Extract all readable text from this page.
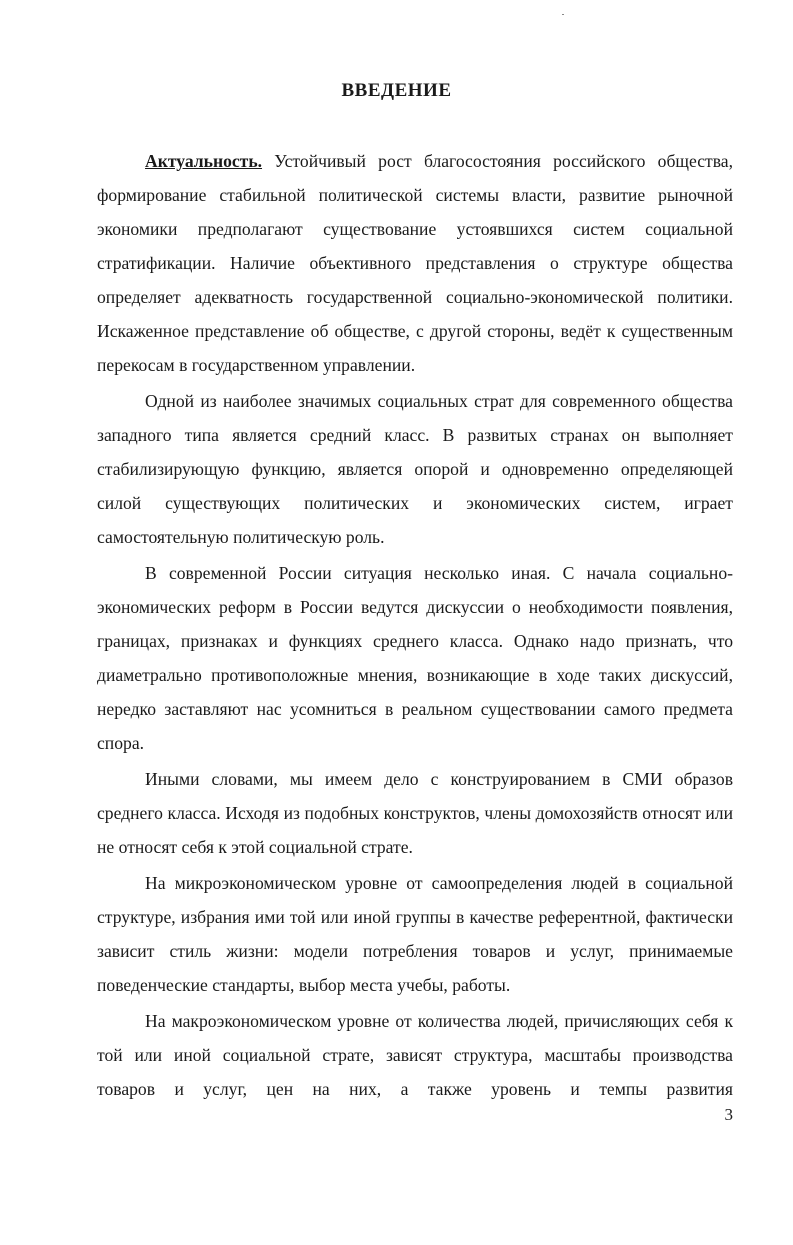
ВВЕДЕНИЕ

Актуальность. Устойчивый рост благосостояния российского общества, формирование стабильной политической системы власти, развитие рыночной экономики предполагают существование устоявшихся систем социальной стратификации. Наличие объективного представления о структуре общества определяет адекватность государственной социально-экономической политики. Искаженное представление об обществе, с другой стороны, ведёт к существенным перекосам в государственном управлении.

Одной из наиболее значимых социальных страт для современного общества западного типа является средний класс. В развитых странах он выполняет стабилизирующую функцию, является опорой и одновременно определяющей силой существующих политических и экономических систем, играет самостоятельную политическую роль.

В современной России ситуация несколько иная. С начала социально-экономических реформ в России ведутся дискуссии о необходимости появления, границах, признаках и функциях среднего класса. Однако надо признать, что диаметрально противоположные мнения, возникающие в ходе таких дискуссий, нередко заставляют нас усомниться в реальном существовании самого предмета спора.

Иными словами, мы имеем дело с конструированием в СМИ образов среднего класса. Исходя из подобных конструктов, члены домохозяйств относят или не относят себя к этой социальной страте.

На микроэкономическом уровне от самоопределения людей в социальной структуре, избрания ими той или иной группы в качестве референтной, фактически зависит стиль жизни: модели потребления товаров и услуг, принимаемые поведенческие стандарты, выбор места учебы, работы.

На макроэкономическом уровне от количества людей, причисляющих себя к той или иной социальной страте, зависят структура, масштабы производства товаров и услуг, цен на них, а также уровень и темпы развития

3
